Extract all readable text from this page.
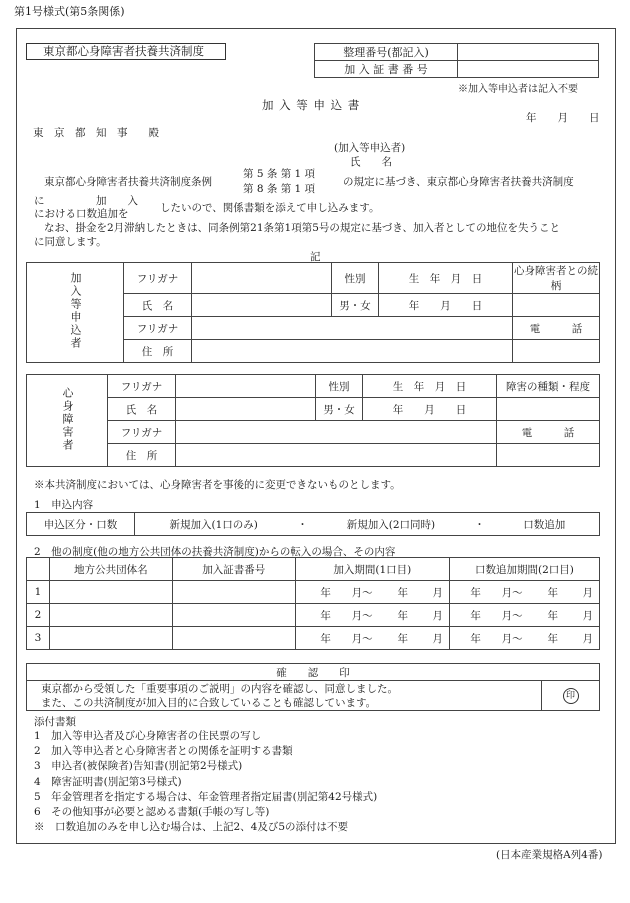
第1号様式(第5条関係)
東京都心身障害者扶養共済制度	整理番号(都記入)	
加 入 証 書 番 号	
※加入等申込者は記入不要
加 入 等 申 込 書
年　　月　　日
東　京　都　知　事　　殿
(加入等申込者)
氏　　名
東京都心身障害者扶養共済制度条例
第 5 条 第 1 項
第 8 条 第 1 項
の規定に基づき、東京都心身障害者扶養共済制度
に	加　　入
における口数追加を	したいので、関係書類を添えて申し込みます。
なお、掛金を2月滞納したときは、同条例第21条第1項第5号の規定に基づき、加入者としての地位を失うこと
に同意します。
記
加入等申込者	フリガナ		性別	生　年　月　日	心身障害者との続柄
	氏　名		男・女	年　　月　　日	
	フリガナ				電　　　話
	住　所				
心身障害者	フリガナ		性別	生　年　月　日	障害の種類・程度
	氏　名		男・女	年　　月　　日	
	フリガナ				電　　　話
	住　所				
※本共済制度においては、心身障害者を事後的に変更できないものとします。
1　申込内容
申込区分・口数	新規加入(1口のみ)	・	新規加入(2口同時)	・	口数追加
2　他の制度(他の地方公共団体の扶養共済制度)からの転入の場合、その内容
	地方公共団体名	加入証書番号	加入期間(1口目)				口数追加期間(2口目)			
1			年	月〜	年	月	年	月〜	年	月
2			年	月〜	年	月	年	月〜	年	月
3			年	月〜	年	月	年	月〜	年	月
確　　認　　印

東京都から受領した「重要事項のご説明」の内容を確認し、同意しました。
また、この共済制度が加入目的に合致していることも確認しています。
	印
添付書類
1　加入等申込者及び心身障害者の住民票の写し
2　加入等申込者と心身障害者との関係を証明する書類
3　申込者(被保険者)告知書(別記第2号様式)
4　障害証明書(別記第3号様式)
5　年金管理者を指定する場合は、年金管理者指定届書(別記第42号様式)
6　その他知事が必要と認める書類(手帳の写し等)
※　口数追加のみを申し込む場合は、上記2、4及び5の添付は不要
(日本産業規格A列4番)
